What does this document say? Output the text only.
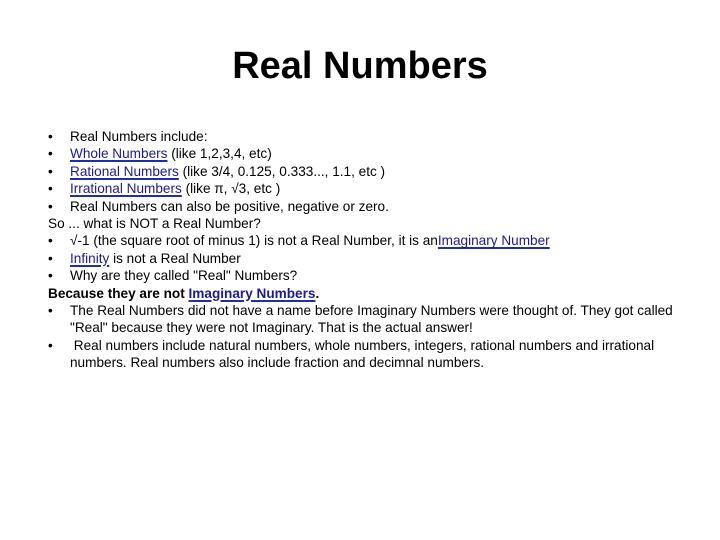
Real Numbers
•	Real Numbers include:
•	Whole Numbers (like 1,2,3,4, etc)
•	Rational Numbers (like 3/4, 0.125, 0.333..., 1.1, etc )
•	Irrational Numbers (like π, √3, etc )
•	Real Numbers can also be positive, negative or zero.
So ... what is NOT a Real Number?
•	√-1 (the square root of minus 1) is not a Real Number, it is anImaginary Number
•	Infinity is not a Real Number
•	Why are they called "Real" Numbers?
Because they are not Imaginary Numbers.
•	The Real Numbers did not have a name before Imaginary Numbers were thought of. They got called "Real" because they were not Imaginary. That is the actual answer!
•	Real numbers include natural numbers, whole numbers, integers, rational numbers and irrational numbers. Real numbers also include fraction and decimnal numbers.
